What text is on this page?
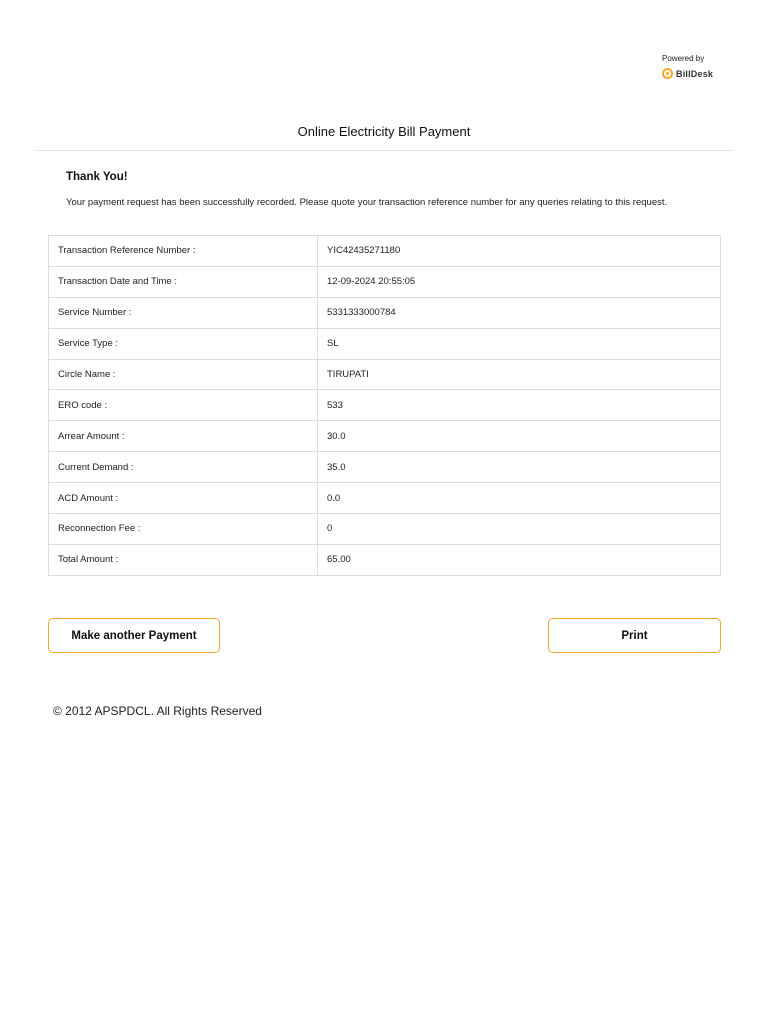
Powered by
BillDesk
Online Electricity Bill Payment
Thank You!
Your payment request has been successfully recorded. Please quote your transaction reference number for any queries relating to this request.
Transaction Reference Number :	YIC42435271180
Transaction Date and Time :	12-09-2024 20:55:05
Service Number :	5331333000784
Service Type :	SL
Circle Name :	TIRUPATI
ERO code :	533
Arrear Amount :	30.0
Current Demand :	35.0
ACD Amount :	0.0
Reconnection Fee :	0
Total Amount :	65.00
Make another Payment	Print
© 2012 APSPDCL. All Rights Reserved
